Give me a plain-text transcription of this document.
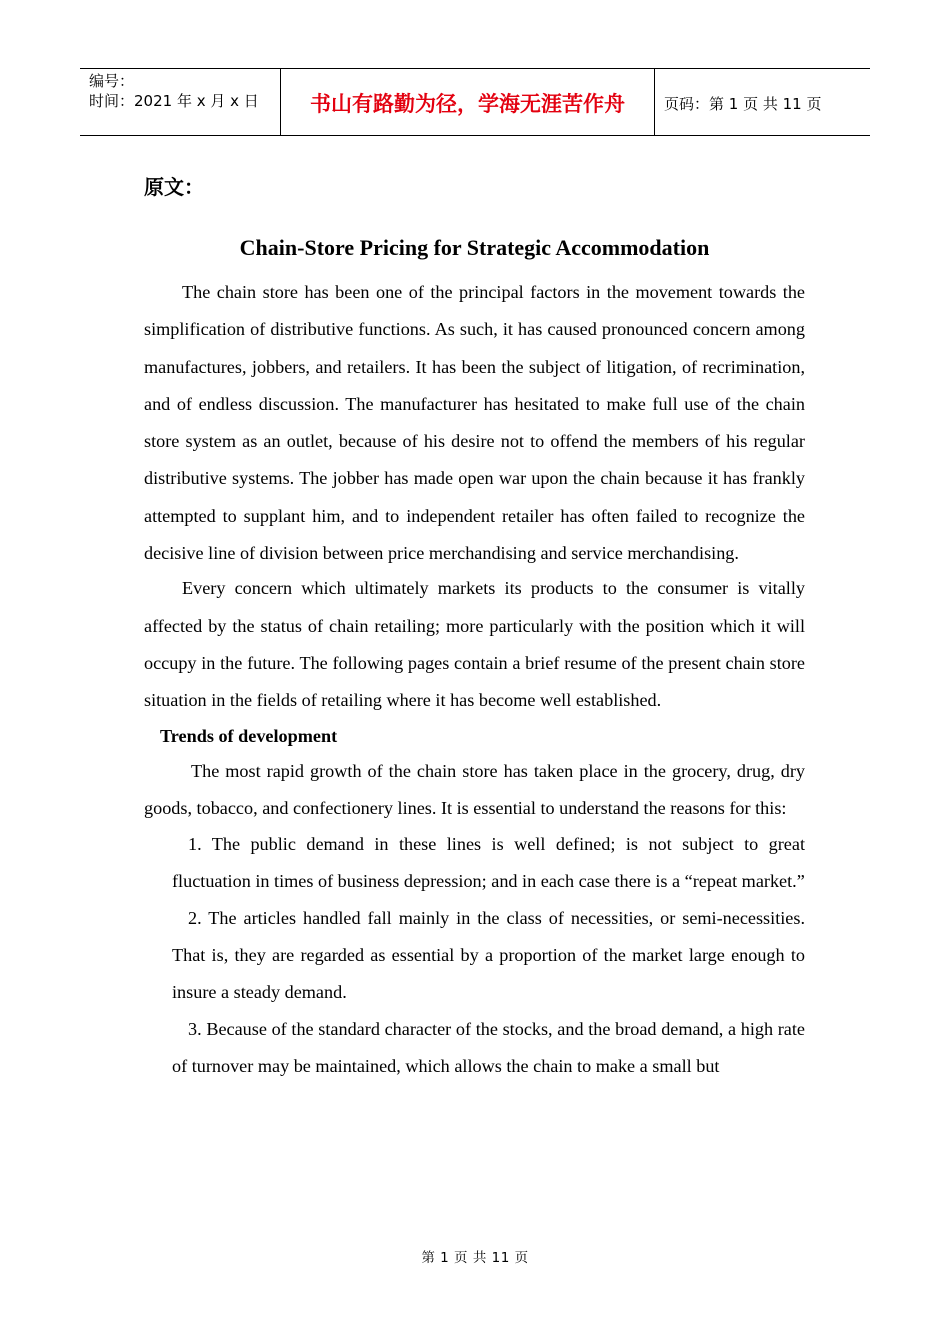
编号：
时间：2021 年 x 月 x 日	书山有路勤为径，学海无涯苦作舟	页码：第 1 页 共 11 页
原文：
Chain-Store Pricing for Strategic Accommodation

The chain store has been one of the principal factors in the movement towards the simplification of distributive functions. As such, it has caused pronounced concern among manufactures, jobbers, and retailers. It has been the subject of litigation, of recrimination, and of endless discussion. The manufacturer has hesitated to make full use of the chain store system as an outlet, because of his desire not to offend the members of his regular distributive systems. The jobber has made open war upon the chain because it has frankly attempted to supplant him, and to independent retailer has often failed to recognize the decisive line of division between price merchandising and service merchandising.

Every concern which ultimately markets its products to the consumer is vitally affected by the status of chain retailing; more particularly with the position which it will occupy in the future. The following pages contain a brief resume of the present chain store situation in the fields of retailing where it has become well established.

Trends of development

The most rapid growth of the chain store has taken place in the grocery, drug, dry goods, tobacco, and confectionery lines. It is essential to understand the reasons for this:

1. The public demand in these lines is well defined; is not subject to great fluctuation in times of business depression; and in each case there is a “repeat market.”

2. The articles handled fall mainly in the class of necessities, or semi-necessities. That is, they are regarded as essential by a proportion of the market large enough to insure a steady demand.

3. Because of the standard character of the stocks, and the broad demand, a high rate of turnover may be maintained, which allows the chain to make a small but

第 1 页 共 11 页
